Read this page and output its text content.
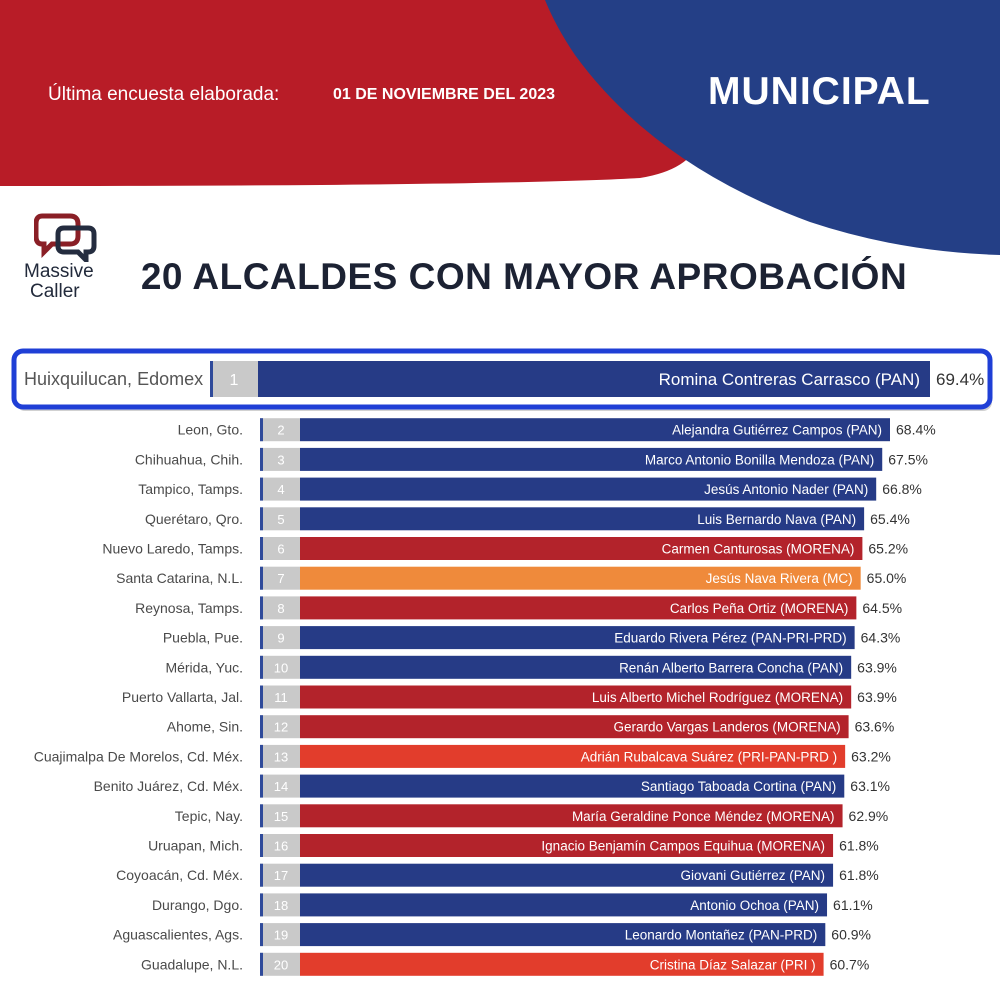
Última encuesta elaborada:	01 DE NOVIEMBRE DEL 2023	MUNICIPAL
Massive
Caller	20 ALCALDES CON MAYOR APROBACIÓN
Leon, Gto.	2	Alejandra Gutiérrez Campos (PAN) 68.4%
Chihuahua, Chih.	3	Marco Antonio Bonilla Mendoza (PAN) 67.5%
Tampico, Tamps.	4	Jesús Antonio Nader (PAN) 66.8%
Querétaro, Qro.	5	Luis Bernardo Nava (PAN) 65.4%
Nuevo Laredo, Tamps.	6	Carmen Canturosas (MORENA) 65.2%
Santa Catarina, N.L.	7	Jesús Nava Rivera (MC) 65.0%
Reynosa, Tamps.	8	Carlos Peña Ortiz (MORENA) 64.5%
Puebla, Pue.	9	Eduardo Rivera Pérez (PAN-PRI-PRD) 64.3%
Mérida, Yuc. 10	Renán Alberto Barrera Concha (PAN) 63.9%
Puerto Vallarta, Jal. 11	Luis Alberto Michel Rodríguez (MORENA) 63.9%
Ahome, Sin. 12	Gerardo Vargas Landeros (MORENA) 63.6%
Cuajimalpa De Morelos, Cd. Méx. 13	Adrián Rubalcava Suárez (PRI-PAN-PRD ) 63.2%
Benito Juárez, Cd. Méx. 14	Santiago Taboada Cortina (PAN) 63.1%
Tepic, Nay. 15	María Geraldine Ponce Méndez (MORENA) 62.9%
Uruapan, Mich. 16	Ignacio Benjamín Campos Equihua (MORENA) 61.8%
Coyoacán, Cd. Méx. 17	Giovani Gutiérrez (PAN) 61.8%
Durango, Dgo. 18	Antonio Ochoa (PAN) 61.1%
Aguascalientes, Ags. 19	Leonardo Montañez (PAN-PRD) 60.9%
Guadalupe, N.L. 20	Cristina Díaz Salazar (PRI ) 60.7%
Huixquilucan, Edomex 1	Romina Contreras Carrasco (PAN) 69.4%
